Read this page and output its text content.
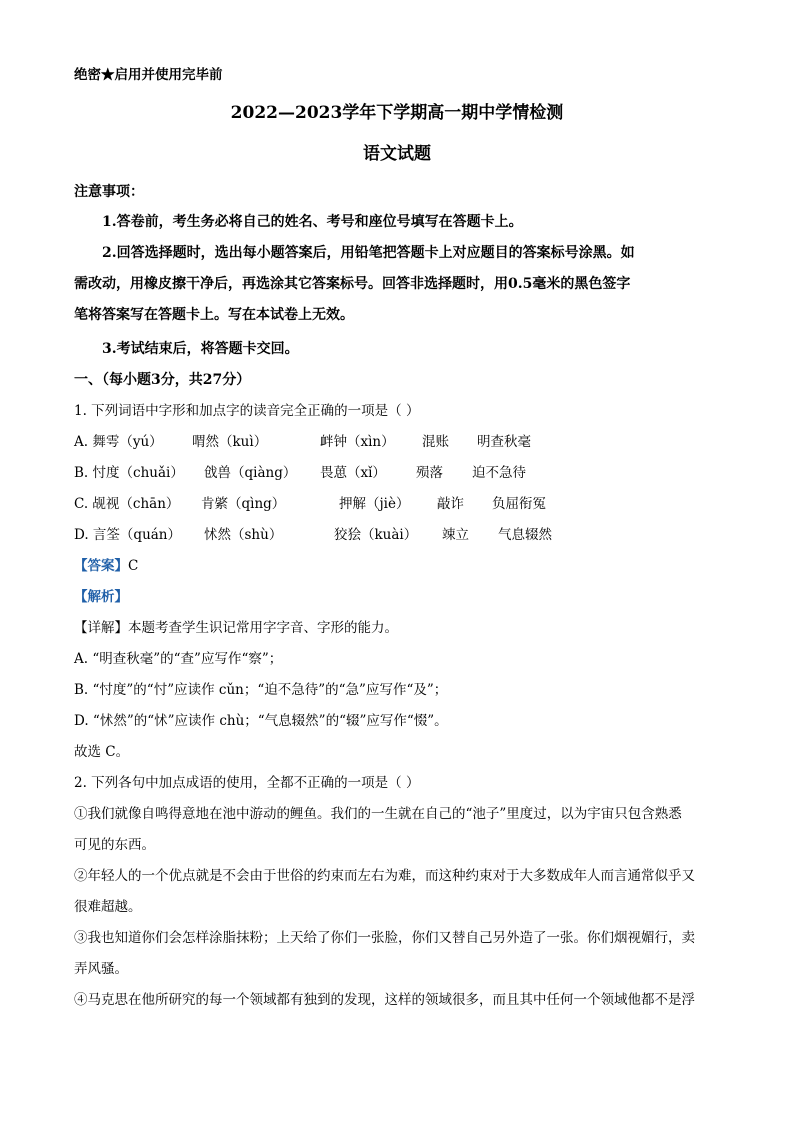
绝密★启用并使用完毕前
2022—2023学年下学期高一期中学情检测
语文试题
注意事项：
1.答卷前，考生务必将自己的姓名、考号和座位号填写在答题卡上。
2.回答选择题时，选出每小题答案后，用铅笔把答题卡上对应题目的答案标号涂黑。如
需改动，用橡皮擦干净后，再选涂其它答案标号。回答非选择题时，用0.5毫米的黑色签字
笔将答案写在答题卡上。写在本试卷上无效。
3.考试结束后，将答题卡交回。
一、（每小题3分，共27分）
1. 下列词语中字形和加点字的读音完全正确的一项是（ ）
A. 舞雩（yú） 喟然（kuì）	衅钟（xìn） 混账 明查秋毫
B. 忖度（chuǎi） 戗兽（qiàng） 畏葸（xǐ） 殒落 迫不急待
C. 觇视（chān） 肯綮（qìng）	押解（jiè） 敲诈 负屈衔冤
D. 言筌（quán） 怵然（shù）	狡狯（kuài） 竦立 气息辍然
【答案】C
【解析】
【详解】本题考查学生识记常用字字音、字形的能力。
A. “明查秋毫”的“查”应写作“察”；
B. “忖度”的“忖”应读作 cǔn；“迫不急待”的“急”应写作“及”；
D. “怵然”的“怵”应读作 chù；“气息辍然”的“辍”应写作“惙”。
故选 C。
2. 下列各句中加点成语的使用，全都不正确的一项是（ ）
①我们就像自鸣得意地在池中游动的鲤鱼。我们的一生就在自己的“池子”里度过，以为宇宙只包含熟悉
可见的东西。
②年轻人的一个优点就是不会由于世俗的约束而左右为难，而这种约束对于大多数成年人而言通常似乎又
很难超越。
③我也知道你们会怎样涂脂抹粉；上天给了你们一张脸，你们又替自己另外造了一张。你们烟视媚行，卖
弄风骚。
④马克思在他所研究的每一个领域都有独到的发现，这样的领域很多，而且其中任何一个领域他都不是浮
